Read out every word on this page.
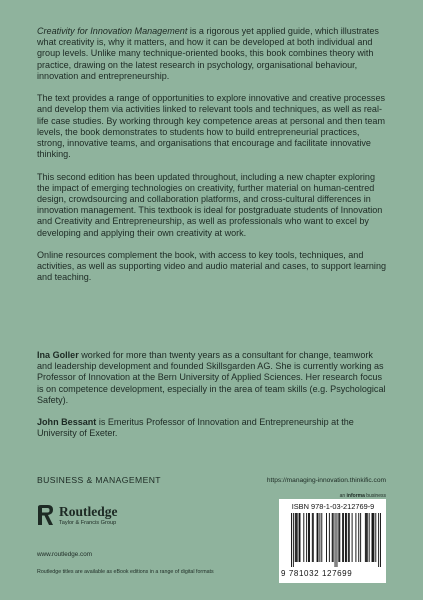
Creativity for Innovation Management is a rigorous yet applied guide, which illustrates what creativity is, why it matters, and how it can be developed at both individual and group levels. Unlike many technique-oriented books, this book combines theory with practice, drawing on the latest research in psychology, organisational behaviour, innovation and entrepreneurship.

The text provides a range of opportunities to explore innovative and creative processes and develop them via activities linked to relevant tools and techniques, as well as real-life case studies. By working through key competence areas at personal and then team levels, the book demonstrates to students how to build entrepreneurial practices, strong, innovative teams, and organisations that encourage and facilitate innovative thinking.

This second edition has been updated throughout, including a new chapter exploring the impact of emerging technologies on creativity, further material on human-centred design, crowdsourcing and collaboration platforms, and cross-cultural differences in innovation management. This textbook is ideal for postgraduate students of Innovation and Creativity and Entrepreneurship, as well as professionals who want to excel by developing and applying their own creativity at work.

Online resources complement the book, with access to key tools, techniques, and activities, as well as supporting video and audio material and cases, to support learning and teaching.

Ina Goller worked for more than twenty years as a consultant for change, teamwork and leadership development and founded Skillsgarden AG. She is currently working as Professor of Innovation at the Bern University of Applied Sciences. Her research focus is on competence development, especially in the area of team skills (e.g. Psychological Safety).

John Bessant is Emeritus Professor of Innovation and Entrepreneurship at the University of Exeter.

BUSINESS & MANAGEMENT	https://managing-innovation.thinkific.com
Routledge
Taylor & Francis Group
www.routledge.com
Routledge titles are available as eBook editions in a range of digital formats
an informa business
ISBN 978-1-03-212769-9
9 781032 127699
